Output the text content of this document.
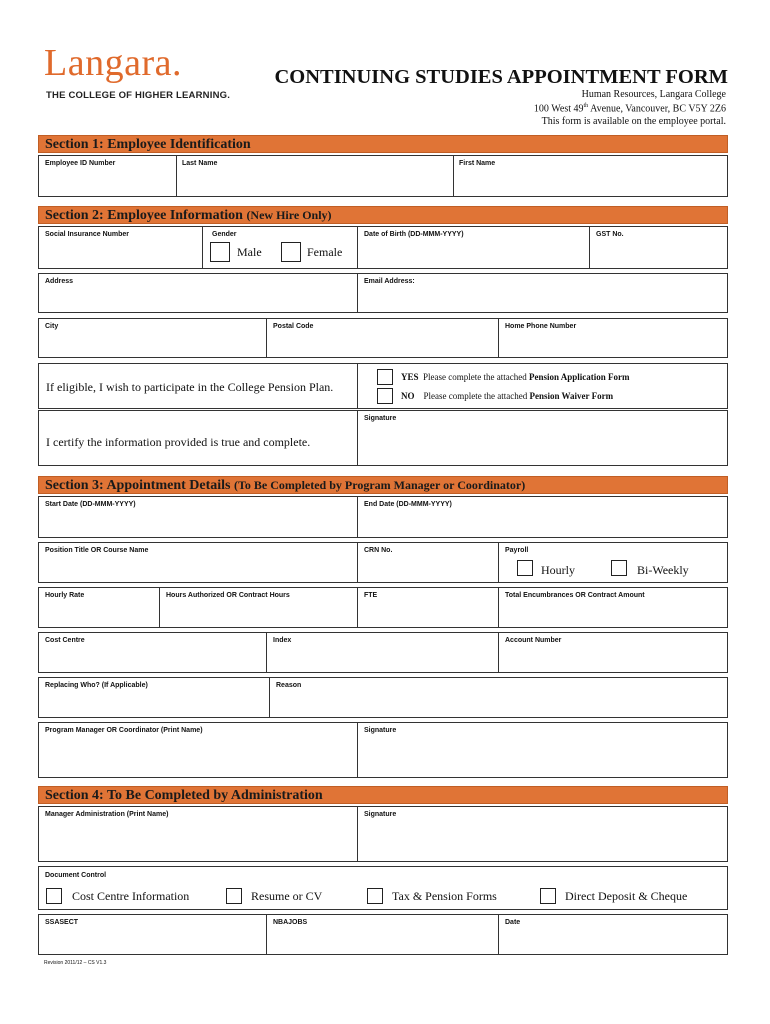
Langara.
THE COLLEGE OF HIGHER LEARNING.
CONTINUING STUDIES APPOINTMENT FORM
Human Resources, Langara College
100 West 49th Avenue, Vancouver, BC V5Y 2Z6
This form is available on the employee portal.
Section 1: Employee Identification
Employee ID Number	Last Name	First Name
Section 2: Employee Information (New Hire Only)
Social Insurance Number	Gender	Date of Birth (DD-MMM-YYYY)	GST No.
Male	Female
Address	Email Address:
City	Postal Code	Home Phone Number
If eligible, I wish to participate in the College Pension Plan.
YES Please complete the attached Pension Application Form
NO Please complete the attached Pension Waiver Form
I certify the information provided is true and complete.
Signature
Section 3: Appointment Details (To Be Completed by Program Manager or Coordinator)
Start Date (DD-MMM-YYYY)	End Date (DD-MMM-YYYY)
Position Title OR Course Name	CRN No.	Payroll
Hourly	Bi-Weekly
Hourly Rate	Hours Authorized OR Contract Hours	FTE	Total Encumbrances OR Contract Amount
Cost Centre	Index	Account Number
Replacing Who? (If Applicable)	Reason
Program Manager OR Coordinator (Print Name)	Signature
Section 4: To Be Completed by Administration
Manager Administration (Print Name)	Signature
Document Control
Cost Centre Information	Resume or CV	Tax & Pension Forms	Direct Deposit & Cheque
SSASECT	NBAJOBS	Date
Revision 2011/12 – CS V1.3
